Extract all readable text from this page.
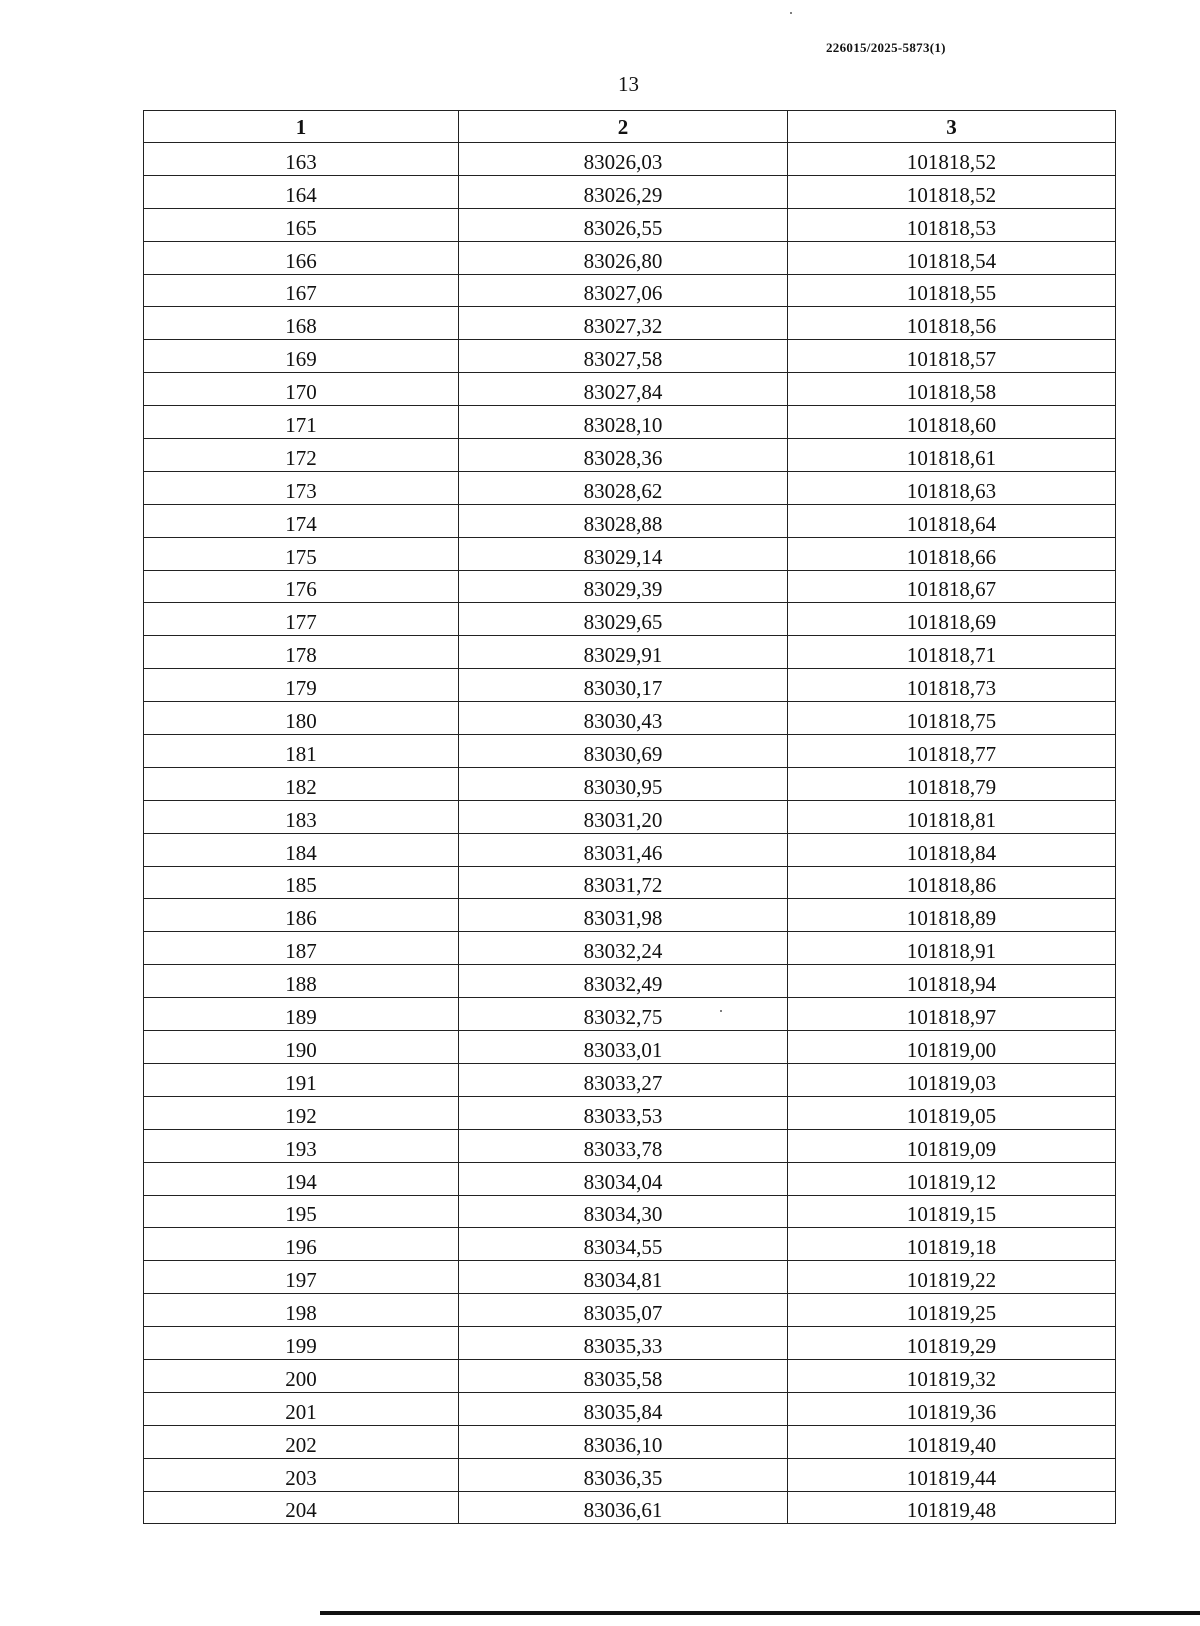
226015/2025-5873(1)
13
1	2	3
163	83026,03	101818,52
164	83026,29	101818,52
165	83026,55	101818,53
166	83026,80	101818,54
167	83027,06	101818,55
168	83027,32	101818,56
169	83027,58	101818,57
170	83027,84	101818,58
171	83028,10	101818,60
172	83028,36	101818,61
173	83028,62	101818,63
174	83028,88	101818,64
175	83029,14	101818,66
176	83029,39	101818,67
177	83029,65	101818,69
178	83029,91	101818,71
179	83030,17	101818,73
180	83030,43	101818,75
181	83030,69	101818,77
182	83030,95	101818,79
183	83031,20	101818,81
184	83031,46	101818,84
185	83031,72	101818,86
186	83031,98	101818,89
187	83032,24	101818,91
188	83032,49	101818,94
189	83032,75	101818,97
190	83033,01	101819,00
191	83033,27	101819,03
192	83033,53	101819,05
193	83033,78	101819,09
194	83034,04	101819,12
195	83034,30	101819,15
196	83034,55	101819,18
197	83034,81	101819,22
198	83035,07	101819,25
199	83035,33	101819,29
200	83035,58	101819,32
201	83035,84	101819,36
202	83036,10	101819,40
203	83036,35	101819,44
204	83036,61	101819,48
